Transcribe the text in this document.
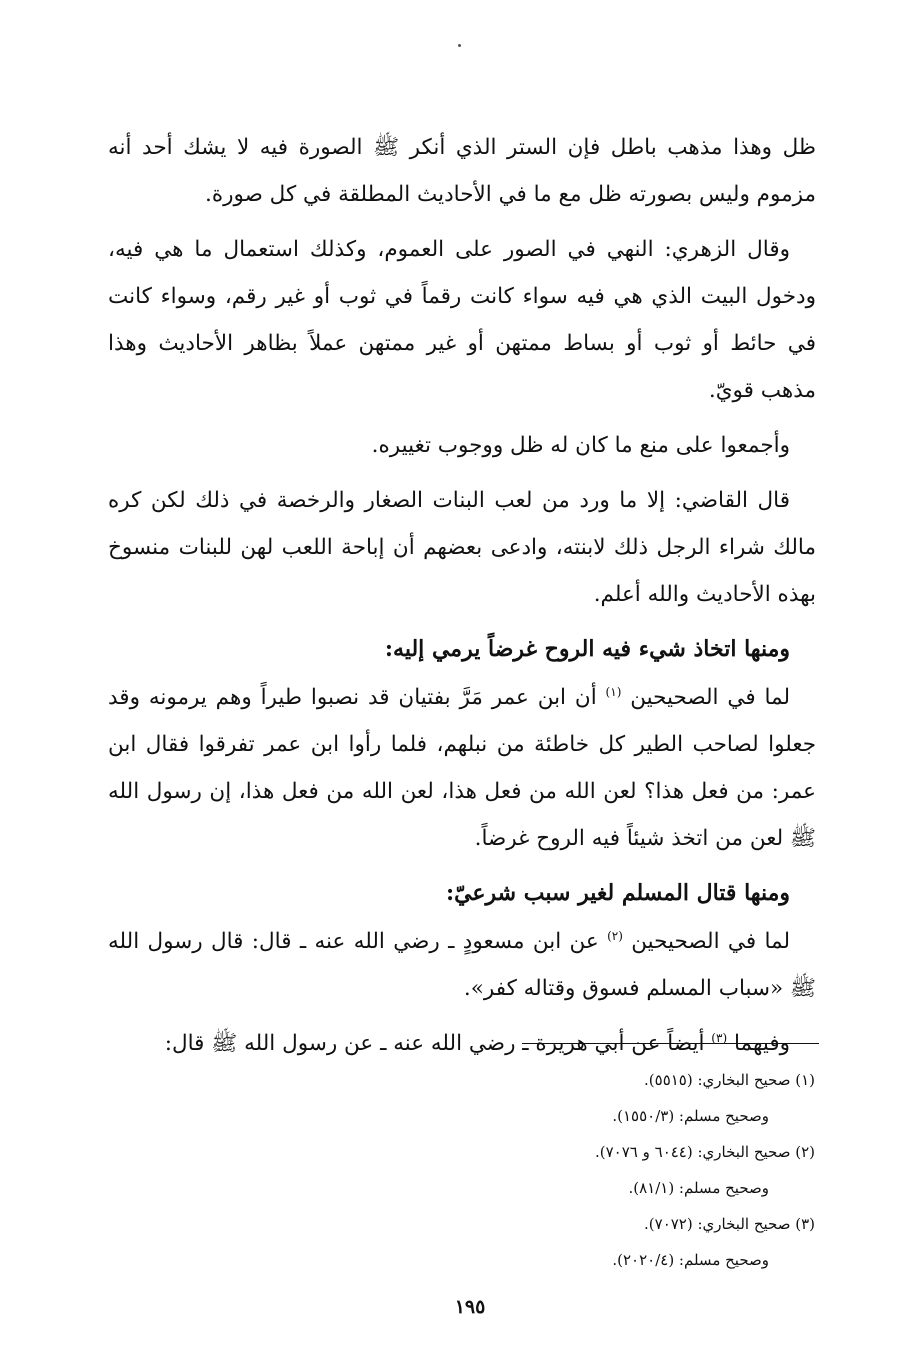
ظل وهذا مذهب باطل فإن الستر الذي أنكر ﷺ الصورة فيه لا يشك أحد أنه مزموم وليس بصورته ظل مع ما في الأحاديث المطلقة في كل صورة.

وقال الزهري: النهي في الصور على العموم، وكذلك استعمال ما هي فيه، ودخول البيت الذي هي فيه سواء كانت رقماً في ثوب أو غير رقم، وسواء كانت في حائط أو ثوب أو بساط ممتهن أو غير ممتهن عملاً بظاهر الأحاديث وهذا مذهب قويّ.

وأجمعوا على منع ما كان له ظل ووجوب تغييره.

قال القاضي: إلا ما ورد من لعب البنات الصغار والرخصة في ذلك لكن كره مالك شراء الرجل ذلك لابنته، وادعى بعضهم أن إباحة اللعب لهن للبنات منسوخ بهذه الأحاديث والله أعلم.

ومنها اتخاذ شيء فيه الروح غرضاً يرمي إليه:

لما في الصحيحين $^{(١)}$ أن ابن عمر مَرَّ بفتيان قد نصبوا طيراً وهم يرمونه وقد جعلوا لصاحب الطير كل خاطئة من نبلهم، فلما رأوا ابن عمر تفرقوا فقال ابن عمر: من فعل هذا؟ لعن الله من فعل هذا، لعن الله من فعل هذا، إن رسول الله ﷺ لعن من اتخذ شيئاً فيه الروح غرضاً.

ومنها قتال المسلم لغير سبب شرعيّ:

لما في الصحيحين $^{(٢)}$ عن ابن مسعودٍ ـ رضي الله عنه ـ قال: قال رسول الله ﷺ «سباب المسلم فسوق وقتاله كفر».

وفيهما $^{(٣)}$ أيضاً عن أبي هريرة ـ رضي الله عنه ـ عن رسول الله ﷺ قال:

(١) صحيح البخاري: (٥٥١٥).
وصحيح مسلم: (١٥٥٠/٣).
(٢) صحيح البخاري: (٦٠٤٤ و ٧٠٧٦).
وصحيح مسلم: (٨١/١).
(٣) صحيح البخاري: (٧٠٧٢).
وصحيح مسلم: (٢٠٢٠/٤).
١٩٥
